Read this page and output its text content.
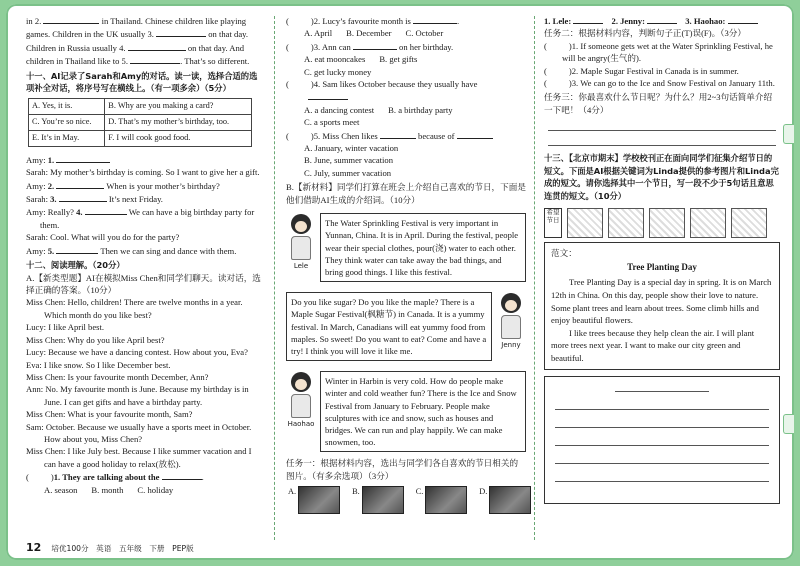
in 2.	in Thailand. Chinese children like playing

games. Children in the UK usually 3.	on that day.

Children in Russia usually 4.	on that day. And

children in Thailand like to 5.	. That’s so different.

十一、AI记录了Sarah和Amy的对话。读一读，选择合适的选项补全对话，将序号写在横线上。（有一项多余）（5分）

A. Yes, it is.	B. Why are you making a card?
C. You’re so nice.	D. That’s my mother’s birthday, too.
E. It’s in May.	F. I will cook good food.

Amy: 1.

Sarah: My mother’s birthday is coming. So I want to give her a gift.

Amy: 2.	When is your mother’s birthday?

Sarah: 3.	It’s next Friday.

Amy: Really? 4.	We can have a big birthday party for them.

Sarah: Cool. What will you do for the party?

Amy: 5.	Then we can sing and dance with them.

十二、阅读理解。（20分）

A.【新类型题】AI在模拟Miss Chen和同学们聊天。读对话，选择正确的答案。（10分）

Miss Chen: Hello, children! There are twelve months in a year. Which month do you like best?

Lucy: I like April best.

Miss Chen: Why do you like April best?

Lucy: Because we have a dancing contest. How about you, Eva?

Eva: I like snow. So I like December best.

Miss Chen: Is your favourite month December, Ann?

Ann: No. My favourite month is June. Because my birthday is in June. I can get gifts and have a birthday party.

Miss Chen: What is your favourite month, Sam?

Sam: October. Because we usually have a sports meet in October. How about you, Miss Chen?

Miss Chen: I like July best. Because I like summer vacation and I can have a good holiday to relax(放松).

(	)1. They are talking about the	.

A. season B. month C. holiday

(	)2. Lucy’s favourite month is	.

A. April B. December C. October

(	)3. Ann can	on her birthday.

A. eat mooncakes B. get gifts
C. get lucky money

(	)4. Sam likes October because they usually have

A. a dancing contest B. a birthday party
C. a sports meet

(	)5. Miss Chen likes	because of

A. January, winter vacation

B. June, summer vacation

C. July, summer vacation

B.【新材料】同学们打算在班会上介绍自己喜欢的节日，下面是他们借助AI生成的介绍词。（10分）

Lele
The Water Sprinkling Festival is very important in Yunnan, China. It is in April. During the festival, people wear their special clothes, pour(浇) water to each other. They think water can take away the bad things, and bring good things. I like this festival.
Do you like sugar? Do you like the maple? There is a Maple Sugar Festival(枫糖节) in Canada. It is a yummy festival. In March, Canadians will eat yummy food from maples. So sweet! Do you want to eat? Come and have a try! I think you will love it like me.
Jenny
Haohao
Winter in Harbin is very cold. How do people make winter and cold weather fun? There is the Ice and Snow Festival from January to February. People make sculptures with ice and snow, such as houses and bridges. We can run and play happily. We can make snowmen, too.

任务一：根据材料内容，选出与同学们各自喜欢的节日相关的图片。（有多余选项）（3分）

A.	B.	C.	D.

1. Lele:	2. Jenny:	3. Haohao:

任务二：根据材料内容，判断句子正(T)误(F)。（3分）

(	)1. If someone gets wet at the Water Sprinkling Festival, he will be angry(生气的).

(	)2. Maple Sugar Festival in Canada is in summer.

(	)3. We can go to the Ice and Snow Festival on January 11th.

任务三：你最喜欢什么节日呢？为什么？用2~3句话简单介绍一下吧！（4分）

十三、【北京市期末】学校校刊正在面向同学们征集介绍节日的短文。下面是AI根据关键词为Linda提供的参考图片和Linda完成的短文。请你选择其中一个节日，写一段不少于5句话且意思连贯的短文。（10分）

希望节日

范文：

Tree Planting Day

Tree Planting Day is a special day in spring. It is on March 12th in China. On this day, people show their love to nature. Some plant trees and learn about trees. Some climb hills and enjoy beautiful flowers.

I like trees because they help clean the air. I will plant more trees next year. I want to make our city green and beautiful.

12 培优100分　英语　五年级　下册　PEP版
